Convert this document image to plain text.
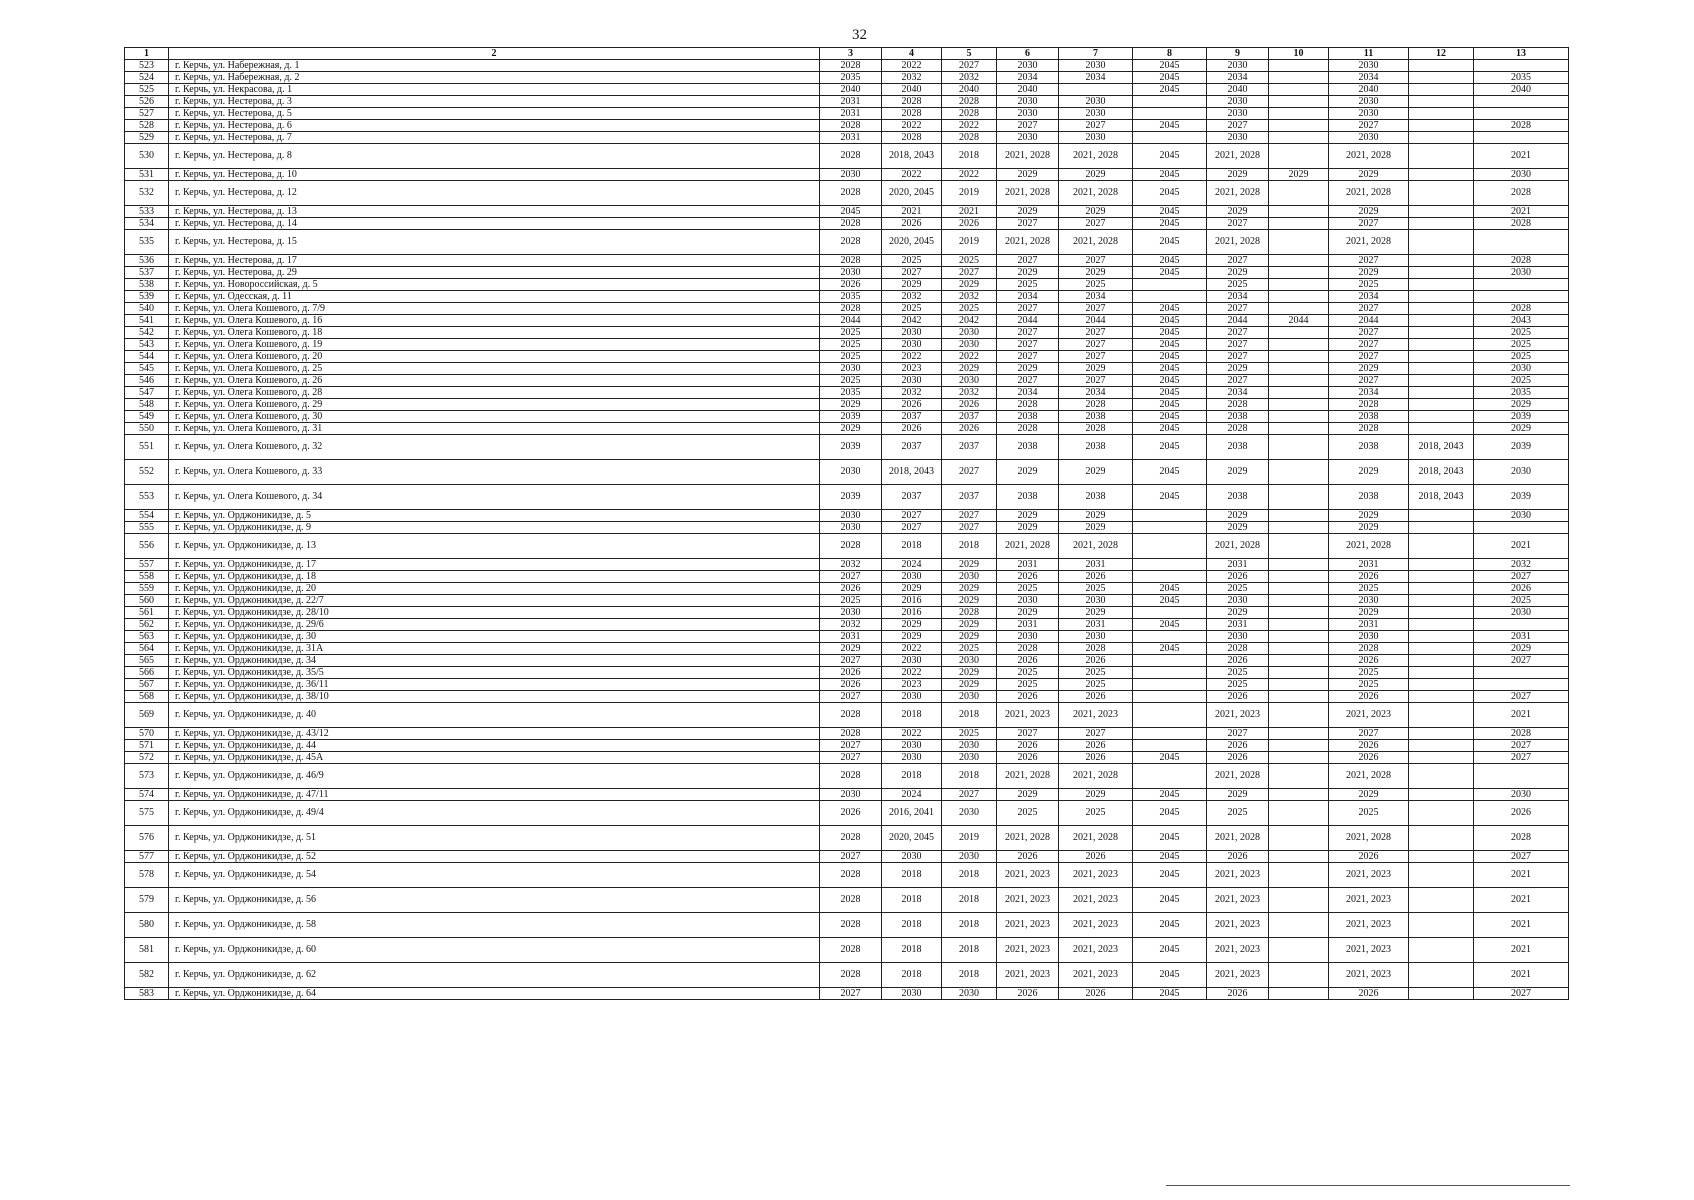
32
1	2	3	4	5	6	7	8	9	10	11	12	13
523	г. Керчь, ул. Набережная, д. 1	2028	2022	2027	2030	2030	2045	2030		2030		
524	г. Керчь, ул. Набережная, д. 2	2035	2032	2032	2034	2034	2045	2034		2034		2035
525	г. Керчь, ул. Некрасова, д. 1	2040	2040	2040	2040		2045	2040		2040		2040
526	г. Керчь, ул. Нестерова, д. 3	2031	2028	2028	2030	2030		2030		2030		
527	г. Керчь, ул. Нестерова, д. 5	2031	2028	2028	2030	2030		2030		2030		
528	г. Керчь, ул. Нестерова, д. 6	2028	2022	2022	2027	2027	2045	2027		2027		2028
529	г. Керчь, ул. Нестерова, д. 7	2031	2028	2028	2030	2030		2030		2030		
530	г. Керчь, ул. Нестерова, д. 8	2028	2018, 2043	2018	2021, 2028	2021, 2028	2045	2021, 2028		2021, 2028		2021
531	г. Керчь, ул. Нестерова, д. 10	2030	2022	2022	2029	2029	2045	2029	2029	2029		2030
532	г. Керчь, ул. Нестерова, д. 12	2028	2020, 2045	2019	2021, 2028	2021, 2028	2045	2021, 2028		2021, 2028		2028
533	г. Керчь, ул. Нестерова, д. 13	2045	2021	2021	2029	2029	2045	2029		2029		2021
534	г. Керчь, ул. Нестерова, д. 14	2028	2026	2026	2027	2027	2045	2027		2027		2028
535	г. Керчь, ул. Нестерова, д. 15	2028	2020, 2045	2019	2021, 2028	2021, 2028	2045	2021, 2028		2021, 2028		
536	г. Керчь, ул. Нестерова, д. 17	2028	2025	2025	2027	2027	2045	2027		2027		2028
537	г. Керчь, ул. Нестерова, д. 29	2030	2027	2027	2029	2029	2045	2029		2029		2030
538	г. Керчь, ул. Новороссийская, д. 5	2026	2029	2029	2025	2025		2025		2025		
539	г. Керчь, ул. Одесская, д. 11	2035	2032	2032	2034	2034		2034		2034		
540	г. Керчь, ул. Олега Кошевого, д. 7/9	2028	2025	2025	2027	2027	2045	2027		2027		2028
541	г. Керчь, ул. Олега Кошевого, д. 16	2044	2042	2042	2044	2044	2045	2044	2044	2044		2043
542	г. Керчь, ул. Олега Кошевого, д. 18	2025	2030	2030	2027	2027	2045	2027		2027		2025
543	г. Керчь, ул. Олега Кошевого, д. 19	2025	2030	2030	2027	2027	2045	2027		2027		2025
544	г. Керчь, ул. Олега Кошевого, д. 20	2025	2022	2022	2027	2027	2045	2027		2027		2025
545	г. Керчь, ул. Олега Кошевого, д. 25	2030	2023	2029	2029	2029	2045	2029		2029		2030
546	г. Керчь, ул. Олега Кошевого, д. 26	2025	2030	2030	2027	2027	2045	2027		2027		2025
547	г. Керчь, ул. Олега Кошевого, д. 28	2035	2032	2032	2034	2034	2045	2034		2034		2035
548	г. Керчь, ул. Олега Кошевого, д. 29	2029	2026	2026	2028	2028	2045	2028		2028		2029
549	г. Керчь, ул. Олега Кошевого, д. 30	2039	2037	2037	2038	2038	2045	2038		2038		2039
550	г. Керчь, ул. Олега Кошевого, д. 31	2029	2026	2026	2028	2028	2045	2028		2028		2029
551	г. Керчь, ул. Олега Кошевого, д. 32	2039	2037	2037	2038	2038	2045	2038		2038	2018, 2043	2039
552	г. Керчь, ул. Олега Кошевого, д. 33	2030	2018, 2043	2027	2029	2029	2045	2029		2029	2018, 2043	2030
553	г. Керчь, ул. Олега Кошевого, д. 34	2039	2037	2037	2038	2038	2045	2038		2038	2018, 2043	2039
554	г. Керчь, ул. Орджоникидзе, д. 5	2030	2027	2027	2029	2029		2029		2029		2030
555	г. Керчь, ул. Орджоникидзе, д. 9	2030	2027	2027	2029	2029		2029		2029		
556	г. Керчь, ул. Орджоникидзе, д. 13	2028	2018	2018	2021, 2028	2021, 2028		2021, 2028		2021, 2028		2021
557	г. Керчь, ул. Орджоникидзе, д. 17	2032	2024	2029	2031	2031		2031		2031		2032
558	г. Керчь, ул. Орджоникидзе, д. 18	2027	2030	2030	2026	2026		2026		2026		2027
559	г. Керчь, ул. Орджоникидзе, д. 20	2026	2029	2029	2025	2025	2045	2025		2025		2026
560	г. Керчь, ул. Орджоникидзе, д. 22/7	2025	2016	2029	2030	2030	2045	2030		2030		2025
561	г. Керчь, ул. Орджоникидзе, д. 28/10	2030	2016	2028	2029	2029		2029		2029		2030
562	г. Керчь, ул. Орджоникидзе, д. 29/6	2032	2029	2029	2031	2031	2045	2031		2031		
563	г. Керчь, ул. Орджоникидзе, д. 30	2031	2029	2029	2030	2030		2030		2030		2031
564	г. Керчь, ул. Орджоникидзе, д. 31А	2029	2022	2025	2028	2028	2045	2028		2028		2029
565	г. Керчь, ул. Орджоникидзе, д. 34	2027	2030	2030	2026	2026		2026		2026		2027
566	г. Керчь, ул. Орджоникидзе, д. 35/5	2026	2022	2029	2025	2025		2025		2025		
567	г. Керчь, ул. Орджоникидзе, д. 36/11	2026	2023	2029	2025	2025		2025		2025		
568	г. Керчь, ул. Орджоникидзе, д. 38/10	2027	2030	2030	2026	2026		2026		2026		2027
569	г. Керчь, ул. Орджоникидзе, д. 40	2028	2018	2018	2021, 2023	2021, 2023		2021, 2023		2021, 2023		2021
570	г. Керчь, ул. Орджоникидзе, д. 43/12	2028	2022	2025	2027	2027		2027		2027		2028
571	г. Керчь, ул. Орджоникидзе, д. 44	2027	2030	2030	2026	2026		2026		2026		2027
572	г. Керчь, ул. Орджоникидзе, д. 45А	2027	2030	2030	2026	2026	2045	2026		2026		2027
573	г. Керчь, ул. Орджоникидзе, д. 46/9	2028	2018	2018	2021, 2028	2021, 2028		2021, 2028		2021, 2028		
574	г. Керчь, ул. Орджоникидзе, д. 47/11	2030	2024	2027	2029	2029	2045	2029		2029		2030
575	г. Керчь, ул. Орджоникидзе, д. 49/4	2026	2016, 2041	2030	2025	2025	2045	2025		2025		2026
576	г. Керчь, ул. Орджоникидзе, д. 51	2028	2020, 2045	2019	2021, 2028	2021, 2028	2045	2021, 2028		2021, 2028		2028
577	г. Керчь, ул. Орджоникидзе, д. 52	2027	2030	2030	2026	2026	2045	2026		2026		2027
578	г. Керчь, ул. Орджоникидзе, д. 54	2028	2018	2018	2021, 2023	2021, 2023	2045	2021, 2023		2021, 2023		2021
579	г. Керчь, ул. Орджоникидзе, д. 56	2028	2018	2018	2021, 2023	2021, 2023	2045	2021, 2023		2021, 2023		2021
580	г. Керчь, ул. Орджоникидзе, д. 58	2028	2018	2018	2021, 2023	2021, 2023	2045	2021, 2023		2021, 2023		2021
581	г. Керчь, ул. Орджоникидзе, д. 60	2028	2018	2018	2021, 2023	2021, 2023	2045	2021, 2023		2021, 2023		2021
582	г. Керчь, ул. Орджоникидзе, д. 62	2028	2018	2018	2021, 2023	2021, 2023	2045	2021, 2023		2021, 2023		2021
583	г. Керчь, ул. Орджоникидзе, д. 64	2027	2030	2030	2026	2026	2045	2026		2026		2027
